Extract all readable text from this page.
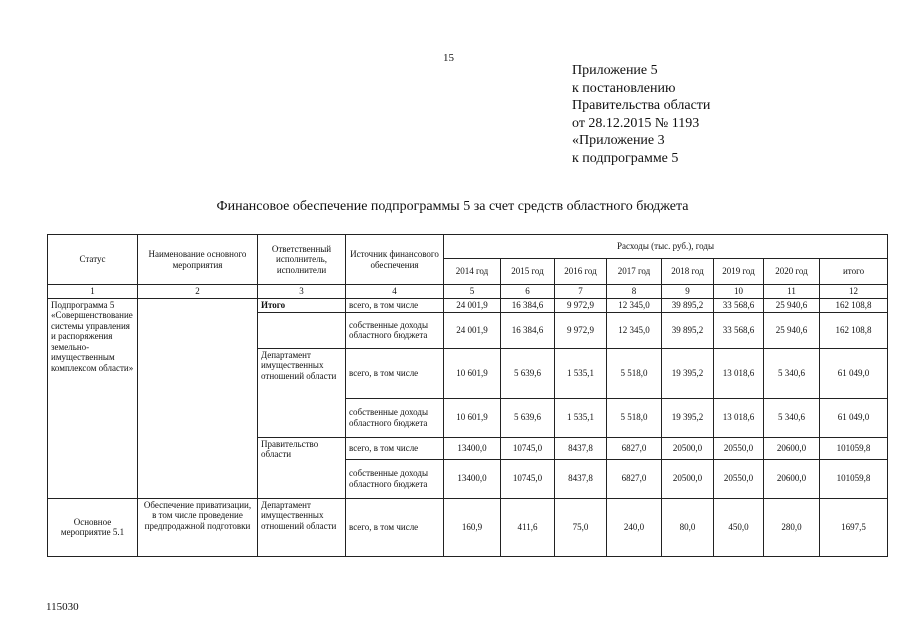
15
Приложение 5
к постановлению
Правительства области
от 28.12.2015 № 1193
«Приложение 3
к подпрограмме 5
Финансовое обеспечение подпрограммы 5 за счет средств областного бюджета
Статус	Наименование основного мероприятия	Ответственный исполнитель, исполнители	Источник финансового обеспечения	Расходы (тыс. руб.), годы							
				2014 год	2015 год	2016 год	2017 год	2018 год	2019 год	2020 год	итого
1	2	3	4	5	6	7	8	9	10	11	12
Подпрограмма 5 «Совершенствование системы управления и распоряжения земельно-имущественным комплексом области»		Итого	всего, в том числе	24 001,9	16 384,6	9 972,9	12 345,0	39 895,2	33 568,6	25 940,6	162 108,8
			собственные доходы областного бюджета	24 001,9	16 384,6	9 972,9	12 345,0	39 895,2	33 568,6	25 940,6	162 108,8
		Департамент имущественных отношений области	всего, в том числе	10 601,9	5 639,6	1 535,1	5 518,0	19 395,2	13 018,6	5 340,6	61 049,0
			собственные доходы областного бюджета	10 601,9	5 639,6	1 535,1	5 518,0	19 395,2	13 018,6	5 340,6	61 049,0
		Правительство области	всего, в том числе	13400,0	10745,0	8437,8	6827,0	20500,0	20550,0	20600,0	101059,8
			собственные доходы областного бюджета	13400,0	10745,0	8437,8	6827,0	20500,0	20550,0	20600,0	101059,8
Основное мероприятие 5.1	Обеспечение приватизации, в том числе проведение предпродажной подготовки	Департамент имущественных отношений области	всего, в том числе	160,9	411,6	75,0	240,0	80,0	450,0	280,0	1697,5
115030
